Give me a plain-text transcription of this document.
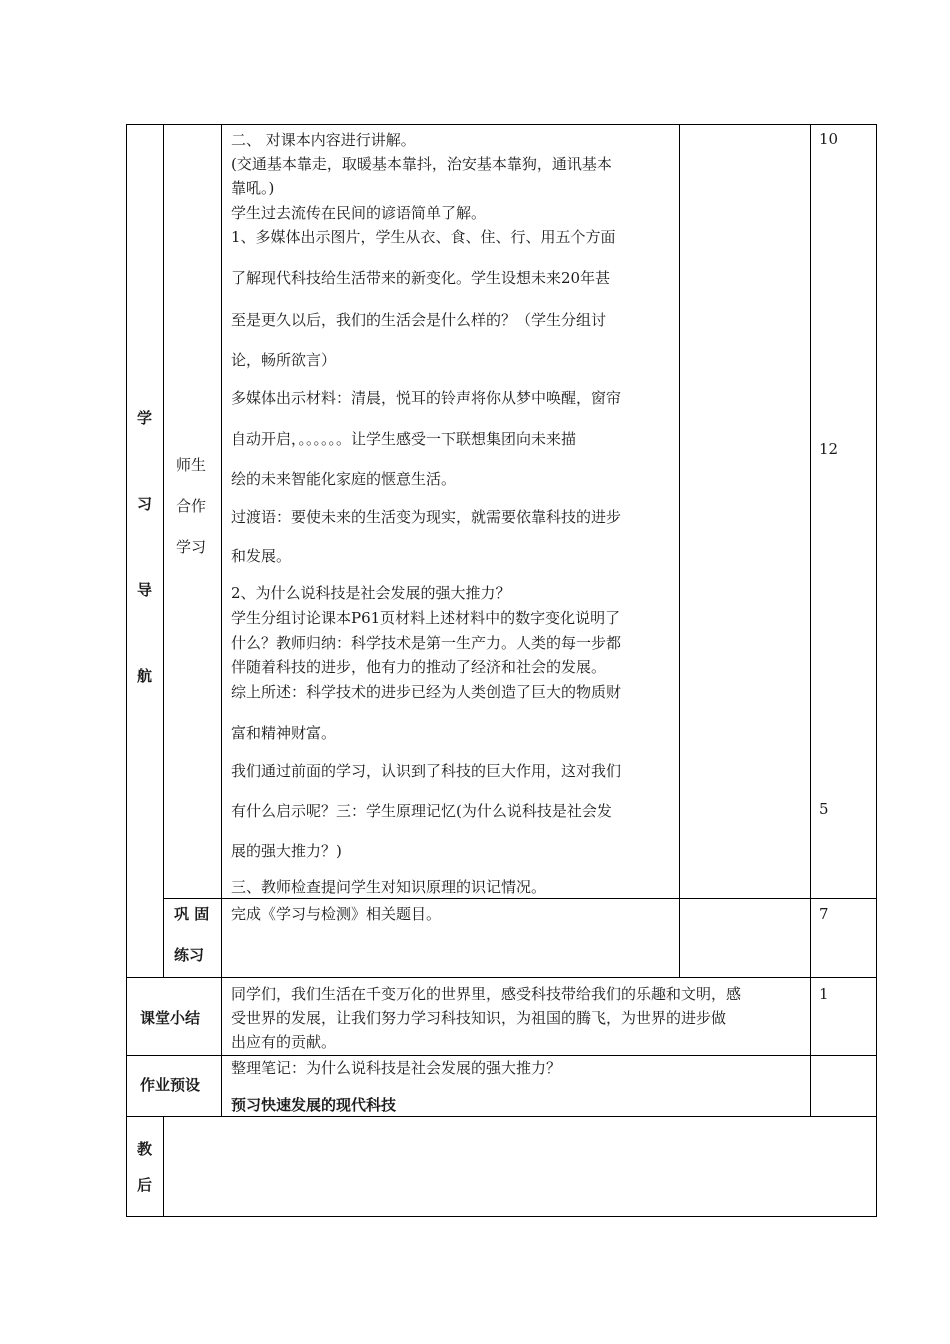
学
习
导
航
师生
合作
学习
二、 对课本内容进行讲解。
(交通基本靠走，取暖基本靠抖，治安基本靠狗，通讯基本
靠吼。)
学生过去流传在民间的谚语简单了解。
1、多媒体出示图片，学生从衣、食、住、行、用五个方面
了解现代科技给生活带来的新变化。学生设想未来20年甚
至是更久以后，我们的生活会是什么样的？（学生分组讨
论，畅所欲言）
多媒体出示材料：清晨，悦耳的铃声将你从梦中唤醒，窗帘
自动开启，。。。。。。让学生感受一下联想集团向未来描
绘的未来智能化家庭的惬意生活。
过渡语：要使未来的生活变为现实，就需要依靠科技的进步
和发展。
2、为什么说科技是社会发展的强大推力？
学生分组讨论课本P61页材料上述材料中的数字变化说明了
什么？教师归纳：科学技术是第一生产力。人类的每一步都
伴随着科技的进步，他有力的推动了经济和社会的发展。
综上所述：科学技术的进步已经为人类创造了巨大的物质财
富和精神财富。
我们通过前面的学习，认识到了科技的巨大作用，这对我们
有什么启示呢？三：学生原理记忆(为什么说科技是社会发
展的强大推力？)
三、教师检查提问学生对知识原理的识记情况。
10
12
5
巩 固
练习
完成《学习与检测》相关题目。	7
课堂小结
同学们，我们生活在千变万化的世界里，感受科技带给我们的乐趣和文明，感
受世界的发展，让我们努力学习科技知识，为祖国的腾飞，为世界的进步做
出应有的贡献。
1
作业预设
整理笔记：为什么说科技是社会发展的强大推力？
预习快速发展的现代科技
教
后
